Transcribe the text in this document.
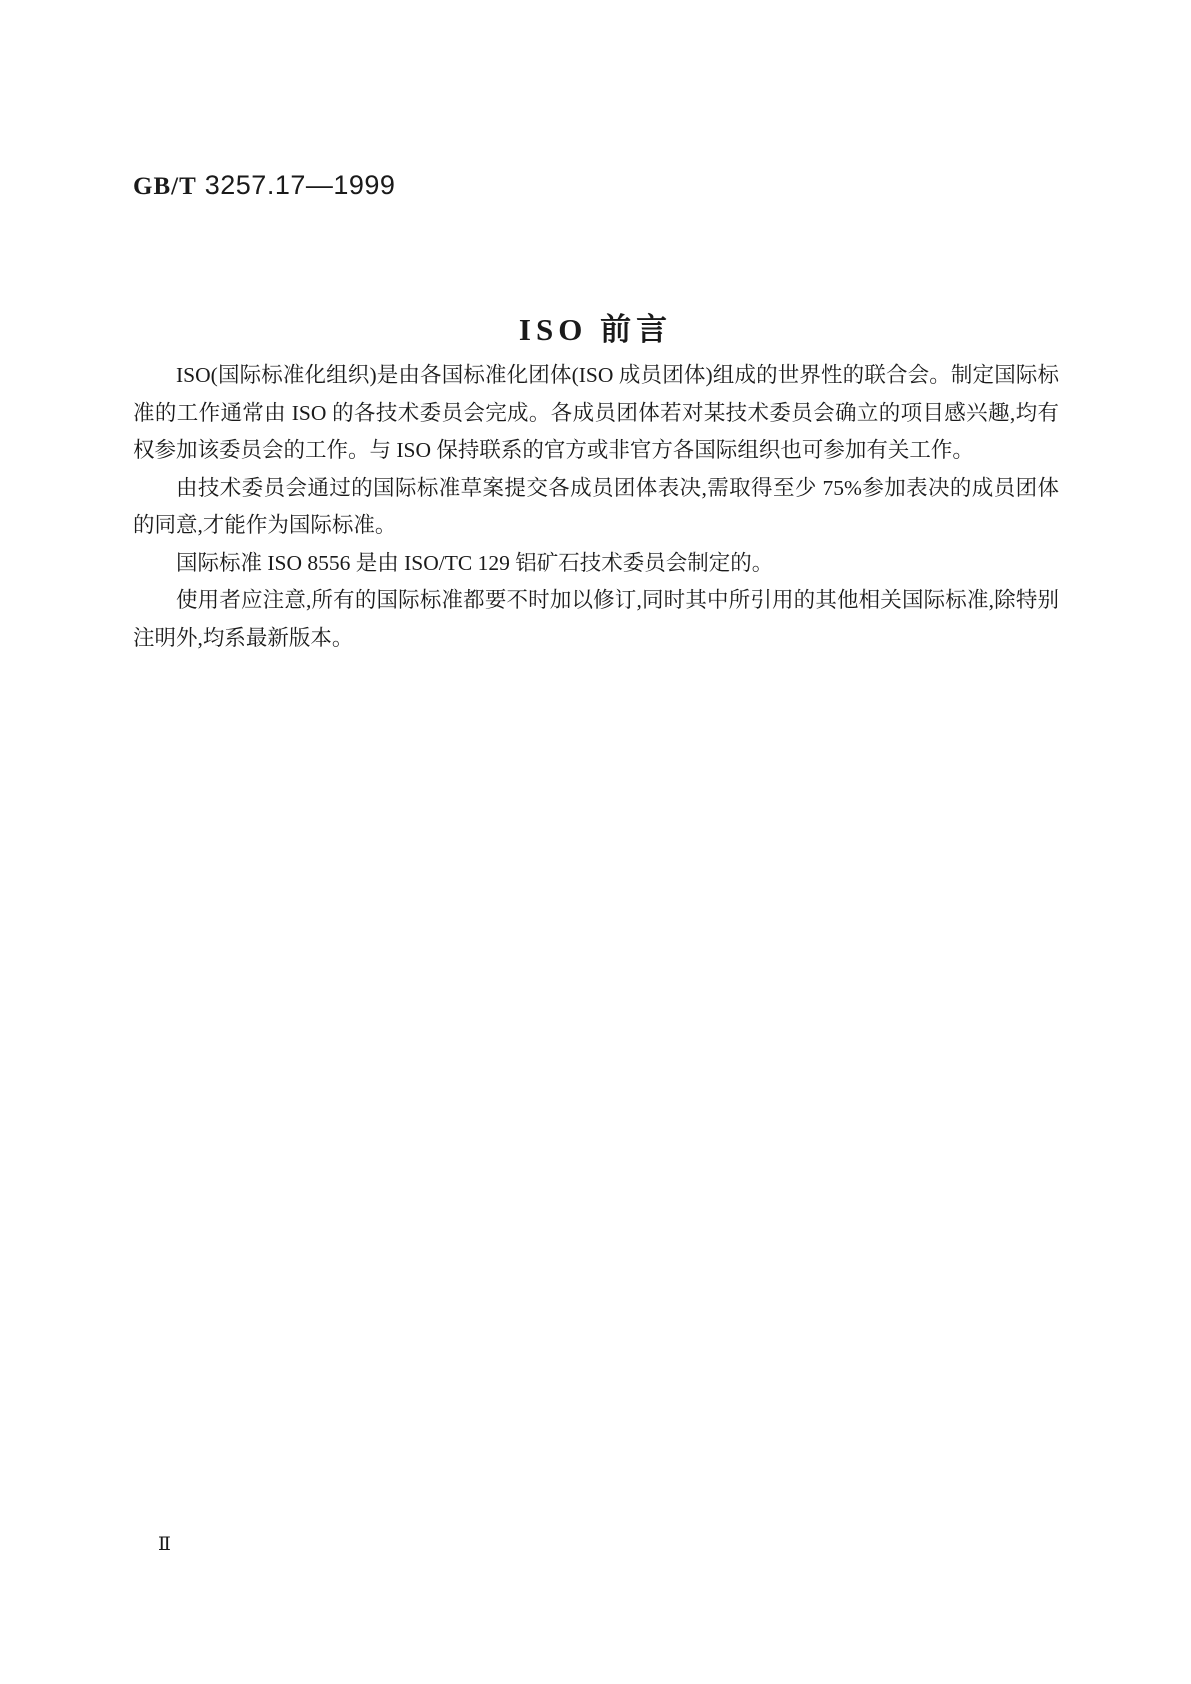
GB/T 3257.17—1999
ISO 前言

ISO(国际标准化组织)是由各国标准化团体(ISO 成员团体)组成的世界性的联合会。制定国际标准的工作通常由 ISO 的各技术委员会完成。各成员团体若对某技术委员会确立的项目感兴趣,均有权参加该委员会的工作。与 ISO 保持联系的官方或非官方各国际组织也可参加有关工作。

由技术委员会通过的国际标准草案提交各成员团体表决,需取得至少 75%参加表决的成员团体的同意,才能作为国际标准。

国际标准 ISO 8556 是由 ISO/TC 129 铝矿石技术委员会制定的。

使用者应注意,所有的国际标准都要不时加以修订,同时其中所引用的其他相关国际标准,除特别注明外,均系最新版本。

Ⅱ
